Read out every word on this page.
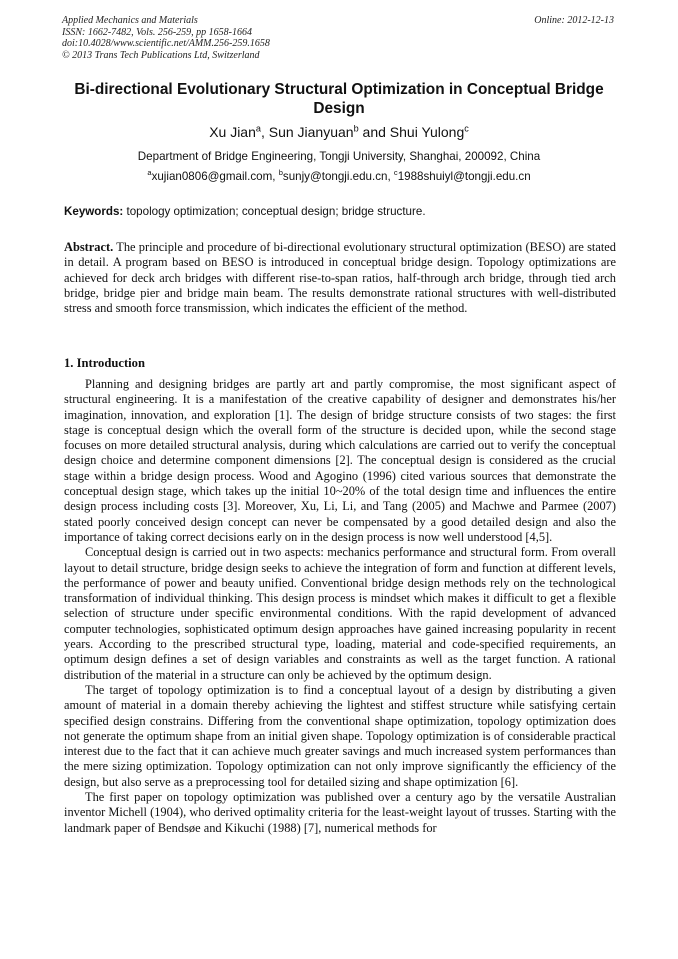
Applied Mechanics and Materials
ISSN: 1662-7482, Vols. 256-259, pp 1658-1664
doi:10.4028/www.scientific.net/AMM.256-259.1658
© 2013 Trans Tech Publications Ltd, Switzerland
Online: 2012-12-13
Bi-directional Evolutionary Structural Optimization in Conceptual Bridge Design
Xu Jian$^a$, Sun Jianyuan$^b$ and Shui Yulong$^c$
Department of Bridge Engineering, Tongji University, Shanghai, 200092, China
$^a$xujian0806@gmail.com, $^b$sunjy@tongji.edu.cn, $^c$1988shuiyl@tongji.edu.cn
Keywords: topology optimization; conceptual design; bridge structure.

Abstract. The principle and procedure of bi-directional evolutionary structural optimization (BESO) are stated in detail. A program based on BESO is introduced in conceptual bridge design. Topology optimizations are achieved for deck arch bridges with different rise-to-span ratios, half-through arch bridge, through tied arch bridge, bridge pier and bridge main beam. The results demonstrate rational structures with well-distributed stress and smooth force transmission, which indicates the efficient of the method.

1. Introduction

Planning and designing bridges are partly art and partly compromise, the most significant aspect of structural engineering. It is a manifestation of the creative capability of designer and demonstrates his/her imagination, innovation, and exploration [1]. The design of bridge structure consists of two stages: the first stage is conceptual design which the overall form of the structure is decided upon, while the second stage focuses on more detailed structural analysis, during which calculations are carried out to verify the conceptual design choice and determine component dimensions [2]. The conceptual design is considered as the crucial stage within a bridge design process. Wood and Agogino (1996) cited various sources that demonstrate the conceptual design stage, which takes up the initial 10~20% of the total design time and influences the entire design process including costs [3]. Moreover, Xu, Li, Li, and Tang (2005) and Machwe and Parmee (2007) stated poorly conceived design concept can never be compensated by a good detailed design and also the importance of taking correct decisions early on in the design process is now well understood [4,5].

Conceptual design is carried out in two aspects: mechanics performance and structural form. From overall layout to detail structure, bridge design seeks to achieve the integration of form and function at different levels, the performance of power and beauty unified. Conventional bridge design methods rely on the technological transformation of individual thinking. This design process is mindset which makes it difficult to get a flexible selection of structure under specific environmental conditions. With the rapid development of advanced computer technologies, sophisticated optimum design approaches have gained increasing popularity in recent years. According to the prescribed structural type, loading, material and code-specified requirements, an optimum design defines a set of design variables and constraints as well as the target function. A rational distribution of the material in a structure can only be achieved by the optimum design.

The target of topology optimization is to find a conceptual layout of a design by distributing a given amount of material in a domain thereby achieving the lightest and stiffest structure while satisfying certain specified design constrains. Differing from the conventional shape optimization, topology optimization does not generate the optimum shape from an initial given shape. Topology optimization is of considerable practical interest due to the fact that it can achieve much greater savings and much increased system performances than the mere sizing optimization. Topology optimization can not only improve significantly the efficiency of the design, but also serve as a preprocessing tool for detailed sizing and shape optimization [6].

The first paper on topology optimization was published over a century ago by the versatile Australian inventor Michell (1904), who derived optimality criteria for the least-weight layout of trusses. Starting with the landmark paper of Bendsøe and Kikuchi (1988) [7], numerical methods for
